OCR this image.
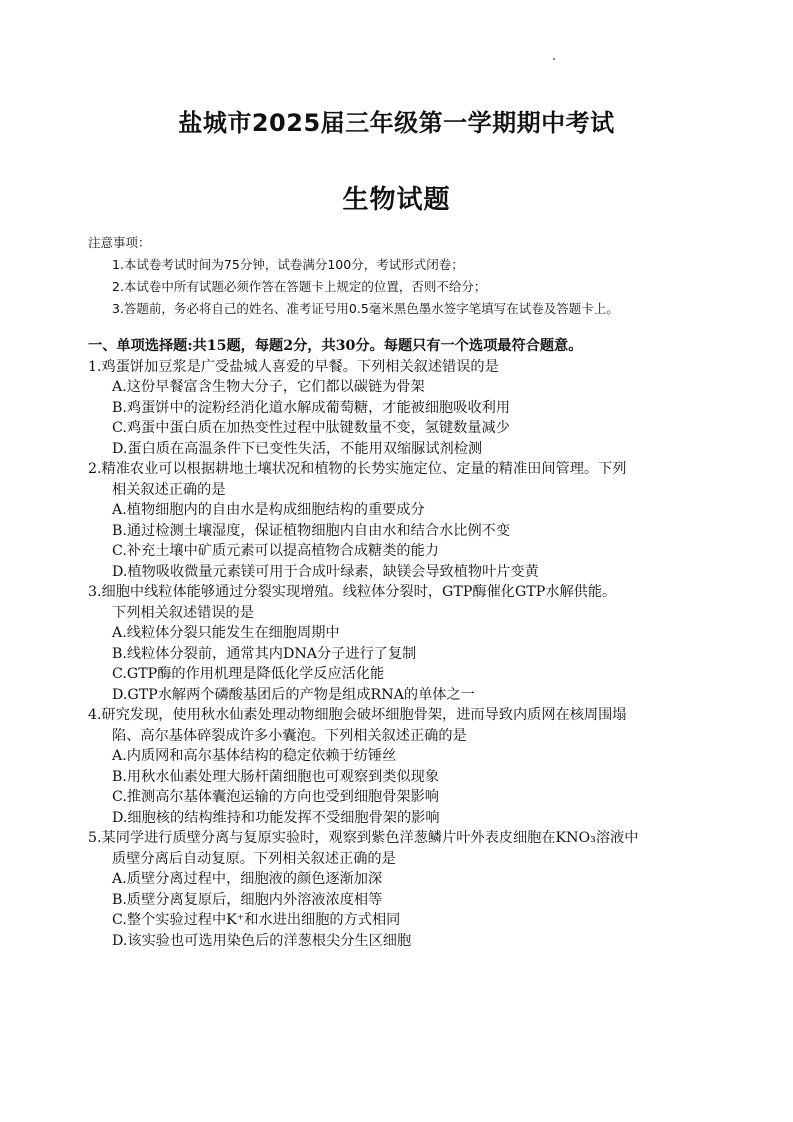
盐城市2025届三年级第一学期期中考试
生物试题
注意事项：
1.本试卷考试时间为75分钟，试卷满分100分，考试形式闭卷；
2.本试卷中所有试题必须作答在答题卡上规定的位置，否则不给分；
3.答题前，务必将自己的姓名、准考证号用0.5毫米黑色墨水签字笔填写在试卷及答题卡上。
一、单项选择题:共15题，每题2分，共30分。每题只有一个选项最符合题意。
1.鸡蛋饼加豆浆是广受盐城人喜爱的早餐。下列相关叙述错误的是
A.这份早餐富含生物大分子，它们都以碳链为骨架
B.鸡蛋饼中的淀粉经消化道水解成葡萄糖，才能被细胞吸收利用
C.鸡蛋中蛋白质在加热变性过程中肽键数量不变，氢键数量减少
D.蛋白质在高温条件下已变性失活，不能用双缩脲试剂检测
2.精准农业可以根据耕地土壤状况和植物的长势实施定位、定量的精准田间管理。下列
相关叙述正确的是
A.植物细胞内的自由水是构成细胞结构的重要成分
B.通过检测土壤湿度，保证植物细胞内自由水和结合水比例不变
C.补充土壤中矿质元素可以提高植物合成糖类的能力
D.植物吸收微量元素镁可用于合成叶绿素，缺镁会导致植物叶片变黄
3.细胞中线粒体能够通过分裂实现增殖。线粒体分裂时，GTP酶催化GTP水解供能。
下列相关叙述错误的是
A.线粒体分裂只能发生在细胞周期中
B.线粒体分裂前，通常其内DNA分子进行了复制
C.GTP酶的作用机理是降低化学反应活化能
D.GTP水解两个磷酸基团后的产物是组成RNA的单体之一
4.研究发现，使用秋水仙素处理动物细胞会破坏细胞骨架，进而导致内质网在核周围塌
陷、高尔基体碎裂成许多小囊泡。下列相关叙述正确的是
A.内质网和高尔基体结构的稳定依赖于纺锤丝
B.用秋水仙素处理大肠杆菌细胞也可观察到类似现象
C.推测高尔基体囊泡运输的方向也受到细胞骨架影响
D.细胞核的结构维持和功能发挥不受细胞骨架的影响
5.某同学进行质壁分离与复原实验时，观察到紫色洋葱鳞片叶外表皮细胞在KNO₃溶液中
质壁分离后自动复原。下列相关叙述正确的是
A.质壁分离过程中，细胞液的颜色逐渐加深
B.质壁分离复原后，细胞内外溶液浓度相等
C.整个实验过程中K⁺和水进出细胞的方式相同
D.该实验也可选用染色后的洋葱根尖分生区细胞
